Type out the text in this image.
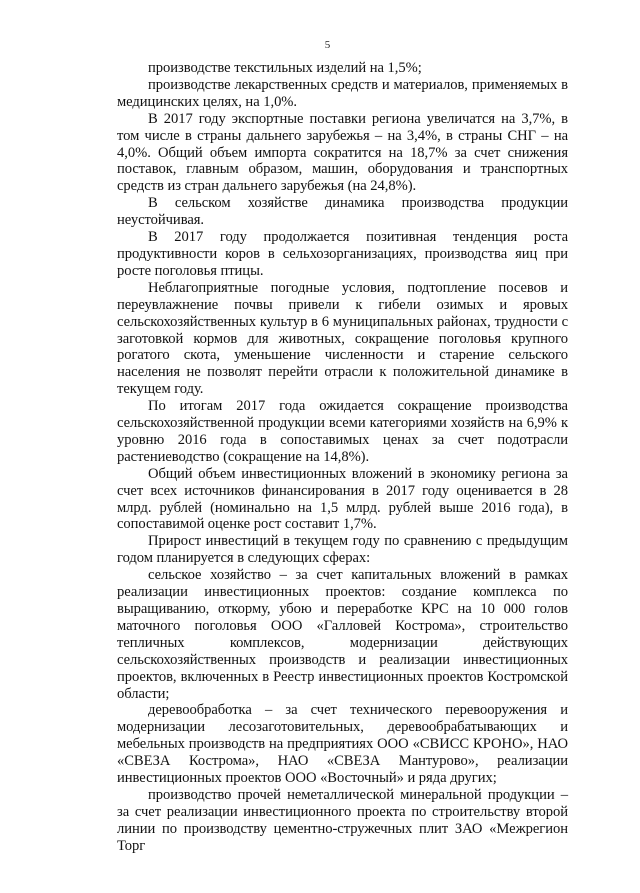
5

производстве текстильных изделий на 1,5%;

производстве лекарственных средств и материалов, применяемых в медицинских целях, на 1,0%.

В 2017 году экспортные поставки региона увеличатся на 3,7%, в том числе в страны дальнего зарубежья – на 3,4%, в страны СНГ – на 4,0%. Общий объем импорта сократится на 18,7% за счет снижения поставок, главным образом, машин, оборудования и транспортных средств из стран дальнего зарубежья (на 24,8%).

В сельском хозяйстве динамика производства продукции неустойчивая.

В 2017 году продолжается позитивная тенденция роста продуктивности коров в сельхозорганизациях, производства яиц при росте поголовья птицы.

Неблагоприятные погодные условия, подтопление посевов и переувлажнение почвы привели к гибели озимых и яровых сельскохозяйственных культур в 6 муниципальных районах, трудности с заготовкой кормов для животных, сокращение поголовья крупного рогатого скота, уменьшение численности и старение сельского населения не позволят перейти отрасли к положительной динамике в текущем году.

По итогам 2017 года ожидается сокращение производства сельскохозяйственной продукции всеми категориями хозяйств на 6,9% к уровню 2016 года в сопоставимых ценах за счет подотрасли растениеводство (сокращение на 14,8%).

Общий объем инвестиционных вложений в экономику региона за счет всех источников финансирования в 2017 году оценивается в 28 млрд. рублей (номинально на 1,5 млрд. рублей выше 2016 года), в сопоставимой оценке рост составит 1,7%.

Прирост инвестиций в текущем году по сравнению с предыдущим годом планируется в следующих сферах:

сельское хозяйство – за счет капитальных вложений в рамках реализации инвестиционных проектов: создание комплекса по выращиванию, откорму, убою и переработке КРС на 10 000 голов маточного поголовья ООО «Галловей Кострома», строительство тепличных комплексов, модернизации действующих сельскохозяйственных производств и реализации инвестиционных проектов, включенных в Реестр инвестиционных проектов Костромской области;

деревообработка – за счет технического перевооружения и модернизации лесозаготовительных, деревообрабатывающих и мебельных производств на предприятиях ООО «СВИСС КРОНО», НАО «СВЕЗА Кострома», НАО «СВЕЗА Мантурово», реализации инвестиционных проектов ООО «Восточный» и ряда других;

производство прочей неметаллической минеральной продукции – за счет реализации инвестиционного проекта по строительству второй линии по производству цементно-стружечных плит ЗАО «Межрегион Торг
